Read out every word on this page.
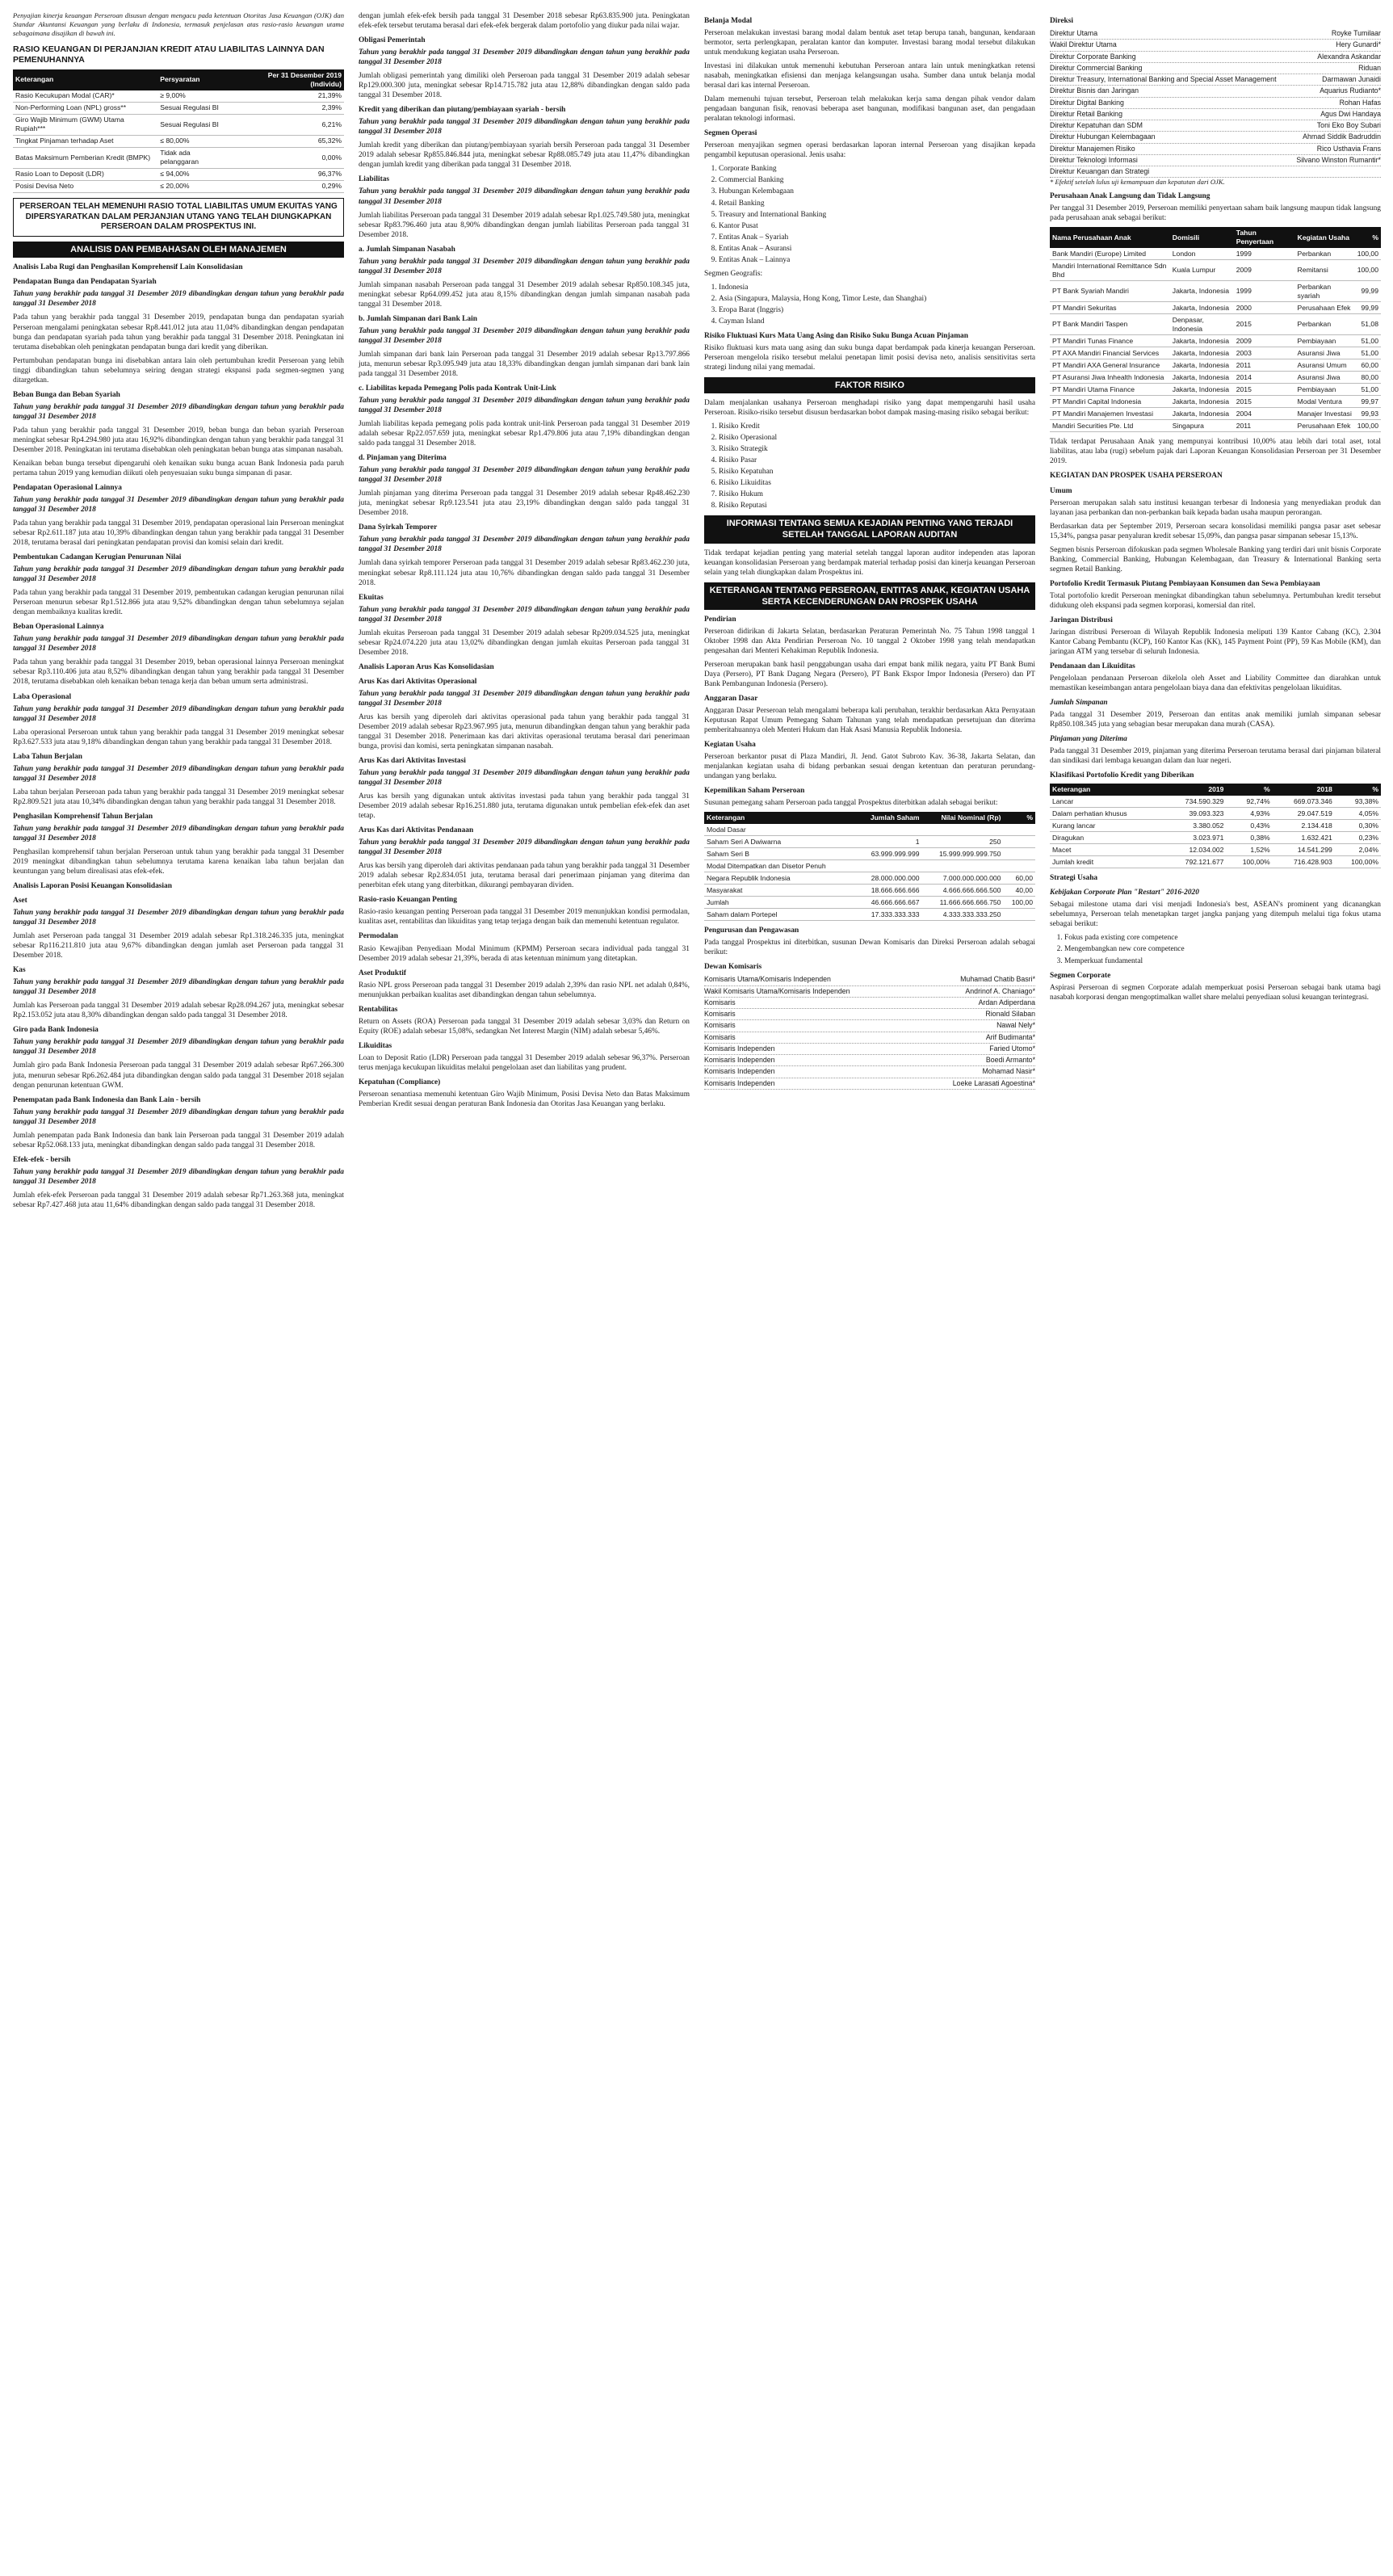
Penyajian kinerja keuangan Perseroan disusun dengan mengacu pada ketentuan Otoritas Jasa Keuangan (OJK) dan Standar Akuntansi Keuangan yang berlaku di Indonesia, termasuk penjelasan atas rasio-rasio keuangan utama sebagaimana disajikan di bawah ini.

RASIO KEUANGAN DI PERJANJIAN KREDIT ATAU LIABILITAS LAINNYA DAN PEMENUHANNYA
Keterangan	Persyaratan	Per 31 Desember 2019 (Individu)
Rasio Kecukupan Modal (CAR)*	≥ 9,00%	21,39%
Non-Performing Loan (NPL) gross**	Sesuai Regulasi BI	2,39%
Giro Wajib Minimum (GWM) Utama Rupiah***	Sesuai Regulasi BI	6,21%
Tingkat Pinjaman terhadap Aset	≤ 80,00%	65,32%
Batas Maksimum Pemberian Kredit (BMPK)	Tidak ada pelanggaran	0,00%
Rasio Loan to Deposit (LDR)	≤ 94,00%	96,37%
Posisi Devisa Neto	≤ 20,00%	0,29%
PERSEROAN TELAH MEMENUHI RASIO TOTAL LIABILITAS UMUM EKUITAS YANG DIPERSYARATKAN DALAM PERJANJIAN UTANG YANG TELAH DIUNGKAPKAN PERSEROAN DALAM PROSPEKTUS INI.
ANALISIS DAN PEMBAHASAN OLEH MANAJEMEN
Analisis Laba Rugi dan Penghasilan Komprehensif Lain Konsolidasian
Pendapatan Bunga dan Pendapatan Syariah

Tahun yang berakhir pada tanggal 31 Desember 2019 dibandingkan dengan tahun yang berakhir pada tanggal 31 Desember 2018

Pada tahun yang berakhir pada tanggal 31 Desember 2019, pendapatan bunga dan pendapatan syariah Perseroan mengalami peningkatan sebesar Rp8.441.012 juta atau 11,04% dibandingkan dengan pendapatan bunga dan pendapatan syariah pada tahun yang berakhir pada tanggal 31 Desember 2018. Peningkatan ini terutama disebabkan oleh peningkatan pendapatan bunga dari kredit yang diberikan.

Pertumbuhan pendapatan bunga ini disebabkan antara lain oleh pertumbuhan kredit Perseroan yang lebih tinggi dibandingkan tahun sebelumnya seiring dengan strategi ekspansi pada segmen-segmen yang ditargetkan.

Beban Bunga dan Beban Syariah

Tahun yang berakhir pada tanggal 31 Desember 2019 dibandingkan dengan tahun yang berakhir pada tanggal 31 Desember 2018

Pada tahun yang berakhir pada tanggal 31 Desember 2019, beban bunga dan beban syariah Perseroan meningkat sebesar Rp4.294.980 juta atau 16,92% dibandingkan dengan tahun yang berakhir pada tanggal 31 Desember 2018. Peningkatan ini terutama disebabkan oleh peningkatan beban bunga atas simpanan nasabah.

Kenaikan beban bunga tersebut dipengaruhi oleh kenaikan suku bunga acuan Bank Indonesia pada paruh pertama tahun 2019 yang kemudian diikuti oleh penyesuaian suku bunga simpanan di pasar.

Pendapatan Operasional Lainnya

Tahun yang berakhir pada tanggal 31 Desember 2019 dibandingkan dengan tahun yang berakhir pada tanggal 31 Desember 2018

Pada tahun yang berakhir pada tanggal 31 Desember 2019, pendapatan operasional lain Perseroan meningkat sebesar Rp2.611.187 juta atau 10,39% dibandingkan dengan tahun yang berakhir pada tanggal 31 Desember 2018, terutama berasal dari peningkatan pendapatan provisi dan komisi selain dari kredit.

Pembentukan Cadangan Kerugian Penurunan Nilai

Tahun yang berakhir pada tanggal 31 Desember 2019 dibandingkan dengan tahun yang berakhir pada tanggal 31 Desember 2018

Pada tahun yang berakhir pada tanggal 31 Desember 2019, pembentukan cadangan kerugian penurunan nilai Perseroan menurun sebesar Rp1.512.866 juta atau 9,52% dibandingkan dengan tahun sebelumnya sejalan dengan membaiknya kualitas kredit.

Beban Operasional Lainnya

Tahun yang berakhir pada tanggal 31 Desember 2019 dibandingkan dengan tahun yang berakhir pada tanggal 31 Desember 2018

Pada tahun yang berakhir pada tanggal 31 Desember 2019, beban operasional lainnya Perseroan meningkat sebesar Rp3.110.406 juta atau 8,52% dibandingkan dengan tahun yang berakhir pada tanggal 31 Desember 2018, terutama disebabkan oleh kenaikan beban tenaga kerja dan beban umum serta administrasi.

Laba Operasional

Tahun yang berakhir pada tanggal 31 Desember 2019 dibandingkan dengan tahun yang berakhir pada tanggal 31 Desember 2018

Laba operasional Perseroan untuk tahun yang berakhir pada tanggal 31 Desember 2019 meningkat sebesar Rp3.627.533 juta atau 9,18% dibandingkan dengan tahun yang berakhir pada tanggal 31 Desember 2018.

Laba Tahun Berjalan

Tahun yang berakhir pada tanggal 31 Desember 2019 dibandingkan dengan tahun yang berakhir pada tanggal 31 Desember 2018

Laba tahun berjalan Perseroan pada tahun yang berakhir pada tanggal 31 Desember 2019 meningkat sebesar Rp2.809.521 juta atau 10,34% dibandingkan dengan tahun yang berakhir pada tanggal 31 Desember 2018.

Penghasilan Komprehensif Tahun Berjalan

Tahun yang berakhir pada tanggal 31 Desember 2019 dibandingkan dengan tahun yang berakhir pada tanggal 31 Desember 2018

Penghasilan komprehensif tahun berjalan Perseroan untuk tahun yang berakhir pada tanggal 31 Desember 2019 meningkat dibandingkan tahun sebelumnya terutama karena kenaikan laba tahun berjalan dan keuntungan yang belum direalisasi atas efek-efek.

Analisis Laporan Posisi Keuangan Konsolidasian
Aset

Tahun yang berakhir pada tanggal 31 Desember 2019 dibandingkan dengan tahun yang berakhir pada tanggal 31 Desember 2018

Jumlah aset Perseroan pada tanggal 31 Desember 2019 adalah sebesar Rp1.318.246.335 juta, meningkat sebesar Rp116.211.810 juta atau 9,67% dibandingkan dengan jumlah aset Perseroan pada tanggal 31 Desember 2018.

Kas

Tahun yang berakhir pada tanggal 31 Desember 2019 dibandingkan dengan tahun yang berakhir pada tanggal 31 Desember 2018

Jumlah kas Perseroan pada tanggal 31 Desember 2019 adalah sebesar Rp28.094.267 juta, meningkat sebesar Rp2.153.052 juta atau 8,30% dibandingkan dengan saldo pada tanggal 31 Desember 2018.

Giro pada Bank Indonesia

Tahun yang berakhir pada tanggal 31 Desember 2019 dibandingkan dengan tahun yang berakhir pada tanggal 31 Desember 2018

Jumlah giro pada Bank Indonesia Perseroan pada tanggal 31 Desember 2019 adalah sebesar Rp67.266.300 juta, menurun sebesar Rp6.262.484 juta dibandingkan dengan saldo pada tanggal 31 Desember 2018 sejalan dengan penurunan ketentuan GWM.

Penempatan pada Bank Indonesia dan Bank Lain - bersih

Tahun yang berakhir pada tanggal 31 Desember 2019 dibandingkan dengan tahun yang berakhir pada tanggal 31 Desember 2018

Jumlah penempatan pada Bank Indonesia dan bank lain Perseroan pada tanggal 31 Desember 2019 adalah sebesar Rp52.068.133 juta, meningkat dibandingkan dengan saldo pada tanggal 31 Desember 2018.

Efek-efek - bersih

Tahun yang berakhir pada tanggal 31 Desember 2019 dibandingkan dengan tahun yang berakhir pada tanggal 31 Desember 2018

Jumlah efek-efek Perseroan pada tanggal 31 Desember 2019 adalah sebesar Rp71.263.368 juta, meningkat sebesar Rp7.427.468 juta atau 11,64% dibandingkan dengan saldo pada tanggal 31 Desember 2018.

dengan jumlah efek-efek bersih pada tanggal 31 Desember 2018 sebesar Rp63.835.900 juta. Peningkatan efek-efek tersebut terutama berasal dari efek-efek bergerak dalam portofolio yang diukur pada nilai wajar.

Obligasi Pemerintah

Tahun yang berakhir pada tanggal 31 Desember 2019 dibandingkan dengan tahun yang berakhir pada tanggal 31 Desember 2018

Jumlah obligasi pemerintah yang dimiliki oleh Perseroan pada tanggal 31 Desember 2019 adalah sebesar Rp129.000.300 juta, meningkat sebesar Rp14.715.782 juta atau 12,88% dibandingkan dengan saldo pada tanggal 31 Desember 2018.

Kredit yang diberikan dan piutang/pembiayaan syariah - bersih

Tahun yang berakhir pada tanggal 31 Desember 2019 dibandingkan dengan tahun yang berakhir pada tanggal 31 Desember 2018

Jumlah kredit yang diberikan dan piutang/pembiayaan syariah bersih Perseroan pada tanggal 31 Desember 2019 adalah sebesar Rp855.846.844 juta, meningkat sebesar Rp88.085.749 juta atau 11,47% dibandingkan dengan jumlah kredit yang diberikan pada tanggal 31 Desember 2018.

Liabilitas

Tahun yang berakhir pada tanggal 31 Desember 2019 dibandingkan dengan tahun yang berakhir pada tanggal 31 Desember 2018

Jumlah liabilitas Perseroan pada tanggal 31 Desember 2019 adalah sebesar Rp1.025.749.580 juta, meningkat sebesar Rp83.796.460 juta atau 8,90% dibandingkan dengan jumlah liabilitas Perseroan pada tanggal 31 Desember 2018.

a. Jumlah Simpanan Nasabah

Tahun yang berakhir pada tanggal 31 Desember 2019 dibandingkan dengan tahun yang berakhir pada tanggal 31 Desember 2018

Jumlah simpanan nasabah Perseroan pada tanggal 31 Desember 2019 adalah sebesar Rp850.108.345 juta, meningkat sebesar Rp64.099.452 juta atau 8,15% dibandingkan dengan jumlah simpanan nasabah pada tanggal 31 Desember 2018.

b. Jumlah Simpanan dari Bank Lain

Tahun yang berakhir pada tanggal 31 Desember 2019 dibandingkan dengan tahun yang berakhir pada tanggal 31 Desember 2018

Jumlah simpanan dari bank lain Perseroan pada tanggal 31 Desember 2019 adalah sebesar Rp13.797.866 juta, menurun sebesar Rp3.095.949 juta atau 18,33% dibandingkan dengan jumlah simpanan dari bank lain pada tanggal 31 Desember 2018.

c. Liabilitas kepada Pemegang Polis pada Kontrak Unit-Link

Tahun yang berakhir pada tanggal 31 Desember 2019 dibandingkan dengan tahun yang berakhir pada tanggal 31 Desember 2018

Jumlah liabilitas kepada pemegang polis pada kontrak unit-link Perseroan pada tanggal 31 Desember 2019 adalah sebesar Rp22.057.659 juta, meningkat sebesar Rp1.479.806 juta atau 7,19% dibandingkan dengan saldo pada tanggal 31 Desember 2018.

d. Pinjaman yang Diterima

Tahun yang berakhir pada tanggal 31 Desember 2019 dibandingkan dengan tahun yang berakhir pada tanggal 31 Desember 2018

Jumlah pinjaman yang diterima Perseroan pada tanggal 31 Desember 2019 adalah sebesar Rp48.462.230 juta, meningkat sebesar Rp9.123.541 juta atau 23,19% dibandingkan dengan saldo pada tanggal 31 Desember 2018.

Dana Syirkah Temporer

Tahun yang berakhir pada tanggal 31 Desember 2019 dibandingkan dengan tahun yang berakhir pada tanggal 31 Desember 2018

Jumlah dana syirkah temporer Perseroan pada tanggal 31 Desember 2019 adalah sebesar Rp83.462.230 juta, meningkat sebesar Rp8.111.124 juta atau 10,76% dibandingkan dengan saldo pada tanggal 31 Desember 2018.

Ekuitas

Tahun yang berakhir pada tanggal 31 Desember 2019 dibandingkan dengan tahun yang berakhir pada tanggal 31 Desember 2018

Jumlah ekuitas Perseroan pada tanggal 31 Desember 2019 adalah sebesar Rp209.034.525 juta, meningkat sebesar Rp24.074.220 juta atau 13,02% dibandingkan dengan jumlah ekuitas Perseroan pada tanggal 31 Desember 2018.

Analisis Laporan Arus Kas Konsolidasian
Arus Kas dari Aktivitas Operasional

Tahun yang berakhir pada tanggal 31 Desember 2019 dibandingkan dengan tahun yang berakhir pada tanggal 31 Desember 2018

Arus kas bersih yang diperoleh dari aktivitas operasional pada tahun yang berakhir pada tanggal 31 Desember 2019 adalah sebesar Rp23.967.995 juta, menurun dibandingkan dengan tahun yang berakhir pada tanggal 31 Desember 2018. Penerimaan kas dari aktivitas operasional terutama berasal dari penerimaan bunga, provisi dan komisi, serta peningkatan simpanan nasabah.

Arus Kas dari Aktivitas Investasi

Tahun yang berakhir pada tanggal 31 Desember 2019 dibandingkan dengan tahun yang berakhir pada tanggal 31 Desember 2018

Arus kas bersih yang digunakan untuk aktivitas investasi pada tahun yang berakhir pada tanggal 31 Desember 2019 adalah sebesar Rp16.251.880 juta, terutama digunakan untuk pembelian efek-efek dan aset tetap.

Arus Kas dari Aktivitas Pendanaan

Tahun yang berakhir pada tanggal 31 Desember 2019 dibandingkan dengan tahun yang berakhir pada tanggal 31 Desember 2018

Arus kas bersih yang diperoleh dari aktivitas pendanaan pada tahun yang berakhir pada tanggal 31 Desember 2019 adalah sebesar Rp2.834.051 juta, terutama berasal dari penerimaan pinjaman yang diterima dan penerbitan efek utang yang diterbitkan, dikurangi pembayaran dividen.

Rasio-rasio Keuangan Penting

Rasio-rasio keuangan penting Perseroan pada tanggal 31 Desember 2019 menunjukkan kondisi permodalan, kualitas aset, rentabilitas dan likuiditas yang tetap terjaga dengan baik dan memenuhi ketentuan regulator.

Permodalan

Rasio Kewajiban Penyediaan Modal Minimum (KPMM) Perseroan secara individual pada tanggal 31 Desember 2019 adalah sebesar 21,39%, berada di atas ketentuan minimum yang ditetapkan.

Aset Produktif

Rasio NPL gross Perseroan pada tanggal 31 Desember 2019 adalah 2,39% dan rasio NPL net adalah 0,84%, menunjukkan perbaikan kualitas aset dibandingkan dengan tahun sebelumnya.

Rentabilitas

Return on Assets (ROA) Perseroan pada tanggal 31 Desember 2019 adalah sebesar 3,03% dan Return on Equity (ROE) adalah sebesar 15,08%, sedangkan Net Interest Margin (NIM) adalah sebesar 5,46%.

Likuiditas

Loan to Deposit Ratio (LDR) Perseroan pada tanggal 31 Desember 2019 adalah sebesar 96,37%. Perseroan terus menjaga kecukupan likuiditas melalui pengelolaan aset dan liabilitas yang prudent.

Kepatuhan (Compliance)

Perseroan senantiasa memenuhi ketentuan Giro Wajib Minimum, Posisi Devisa Neto dan Batas Maksimum Pemberian Kredit sesuai dengan peraturan Bank Indonesia dan Otoritas Jasa Keuangan yang berlaku.

Belanja Modal

Perseroan melakukan investasi barang modal dalam bentuk aset tetap berupa tanah, bangunan, kendaraan bermotor, serta perlengkapan, peralatan kantor dan komputer. Investasi barang modal tersebut dilakukan untuk mendukung kegiatan usaha Perseroan.

Investasi ini dilakukan untuk memenuhi kebutuhan Perseroan antara lain untuk meningkatkan retensi nasabah, meningkatkan efisiensi dan menjaga kelangsungan usaha. Sumber dana untuk belanja modal berasal dari kas internal Perseroan.

Dalam memenuhi tujuan tersebut, Perseroan telah melakukan kerja sama dengan pihak vendor dalam pengadaan bangunan fisik, renovasi beberapa aset bangunan, modifikasi bangunan aset, dan pengadaan peralatan teknologi informasi.

Segmen Operasi

Perseroan menyajikan segmen operasi berdasarkan laporan internal Perseroan yang disajikan kepada pengambil keputusan operasional. Jenis usaha:

1. Corporate Banking
2. Commercial Banking
3. Hubungan Kelembagaan
4. Retail Banking
5. Treasury and International Banking
6. Kantor Pusat
7. Entitas Anak – Syariah
8. Entitas Anak – Asuransi
9. Entitas Anak – Lainnya

Segmen Geografis:

1. Indonesia
2. Asia (Singapura, Malaysia, Hong Kong, Timor Leste, dan Shanghai)
3. Eropa Barat (Inggris)
4. Cayman Island
Risiko Fluktuasi Kurs Mata Uang Asing dan Risiko Suku Bunga Acuan Pinjaman

Risiko fluktuasi kurs mata uang asing dan suku bunga dapat berdampak pada kinerja keuangan Perseroan. Perseroan mengelola risiko tersebut melalui penetapan limit posisi devisa neto, analisis sensitivitas serta strategi lindung nilai yang memadai.

FAKTOR RISIKO

Dalam menjalankan usahanya Perseroan menghadapi risiko yang dapat mempengaruhi hasil usaha Perseroan. Risiko-risiko tersebut disusun berdasarkan bobot dampak masing-masing risiko sebagai berikut:

1. Risiko Kredit
2. Risiko Operasional
3. Risiko Strategik
4. Risiko Pasar
5. Risiko Kepatuhan
6. Risiko Likuiditas
7. Risiko Hukum
8. Risiko Reputasi
INFORMASI TENTANG SEMUA KEJADIAN PENTING YANG TERJADI SETELAH TANGGAL LAPORAN AUDITAN

Tidak terdapat kejadian penting yang material setelah tanggal laporan auditor independen atas laporan keuangan konsolidasian Perseroan yang berdampak material terhadap posisi dan kinerja keuangan Perseroan selain yang telah diungkapkan dalam Prospektus ini.

KETERANGAN TENTANG PERSEROAN, ENTITAS ANAK, KEGIATAN USAHA SERTA KECENDERUNGAN DAN PROSPEK USAHA
Pendirian

Perseroan didirikan di Jakarta Selatan, berdasarkan Peraturan Pemerintah No. 75 Tahun 1998 tanggal 1 Oktober 1998 dan Akta Pendirian Perseroan No. 10 tanggal 2 Oktober 1998 yang telah mendapatkan pengesahan dari Menteri Kehakiman Republik Indonesia.

Perseroan merupakan bank hasil penggabungan usaha dari empat bank milik negara, yaitu PT Bank Bumi Daya (Persero), PT Bank Dagang Negara (Persero), PT Bank Ekspor Impor Indonesia (Persero) dan PT Bank Pembangunan Indonesia (Persero).

Anggaran Dasar

Anggaran Dasar Perseroan telah mengalami beberapa kali perubahan, terakhir berdasarkan Akta Pernyataan Keputusan Rapat Umum Pemegang Saham Tahunan yang telah mendapatkan persetujuan dan diterima pemberitahuannya oleh Menteri Hukum dan Hak Asasi Manusia Republik Indonesia.

Kegiatan Usaha

Perseroan berkantor pusat di Plaza Mandiri, Jl. Jend. Gatot Subroto Kav. 36-38, Jakarta Selatan, dan menjalankan kegiatan usaha di bidang perbankan sesuai dengan ketentuan dan peraturan perundang-undangan yang berlaku.

Kepemilikan Saham Perseroan

Susunan pemegang saham Perseroan pada tanggal Prospektus diterbitkan adalah sebagai berikut:

Keterangan	Jumlah Saham	Nilai Nominal (Rp)	%
Modal Dasar			
Saham Seri A Dwiwarna	1	250	
Saham Seri B	63.999.999.999	15.999.999.999.750	
Modal Ditempatkan dan Disetor Penuh			
Negara Republik Indonesia	28.000.000.000	7.000.000.000.000	60,00
Masyarakat	18.666.666.666	4.666.666.666.500	40,00
Jumlah	46.666.666.667	11.666.666.666.750	100,00
Saham dalam Portepel	17.333.333.333	4.333.333.333.250	
Pengurusan dan Pengawasan

Pada tanggal Prospektus ini diterbitkan, susunan Dewan Komisaris dan Direksi Perseroan adalah sebagai berikut:

Dewan Komisaris
Komisaris Utama/Komisaris Independen	Muhamad Chatib Basri*
Wakil Komisaris Utama/Komisaris Independen	Andrinof A. Chaniago*
Komisaris	Ardan Adiperdana
Komisaris	Rionald Silaban
Komisaris	Nawal Nely*
Komisaris	Arif Budimanta*
Komisaris Independen	Faried Utomo*
Komisaris Independen	Boedi Armanto*
Komisaris Independen	Mohamad Nasir*
Komisaris Independen	Loeke Larasati Agoestina*
Direksi
Direktur Utama	Royke Tumilaar
Wakil Direktur Utama	Hery Gunardi*
Direktur Corporate Banking	Alexandra Askandar
Direktur Commercial Banking	Riduan
Direktur Treasury, International Banking and Special Asset Management	Darmawan Junaidi
Direktur Bisnis dan Jaringan	Aquarius Rudianto*
Direktur Digital Banking	Rohan Hafas
Direktur Retail Banking	Agus Dwi Handaya
Direktur Kepatuhan dan SDM	Toni Eko Boy Subari
Direktur Hubungan Kelembagaan	Ahmad Siddik Badruddin
Direktur Manajemen Risiko	Rico Usthavia Frans
Direktur Teknologi Informasi	Silvano Winston Rumantir*
Direktur Keuangan dan Strategi

* Efektif setelah lulus uji kemampuan dan kepatutan dari OJK.

Perusahaan Anak Langsung dan Tidak Langsung

Per tanggal 31 Desember 2019, Perseroan memiliki penyertaan saham baik langsung maupun tidak langsung pada perusahaan anak sebagai berikut:

Nama Perusahaan Anak	Domisili	Tahun Penyertaan	Kegiatan Usaha	%
Bank Mandiri (Europe) Limited	London	1999	Perbankan	100,00
Mandiri International Remittance Sdn Bhd	Kuala Lumpur	2009	Remitansi	100,00
PT Bank Syariah Mandiri	Jakarta, Indonesia	1999	Perbankan syariah	99,99
PT Mandiri Sekuritas	Jakarta, Indonesia	2000	Perusahaan Efek	99,99
PT Bank Mandiri Taspen	Denpasar, Indonesia	2015	Perbankan	51,08
PT Mandiri Tunas Finance	Jakarta, Indonesia	2009	Pembiayaan	51,00
PT AXA Mandiri Financial Services	Jakarta, Indonesia	2003	Asuransi Jiwa	51,00
PT Mandiri AXA General Insurance	Jakarta, Indonesia	2011	Asuransi Umum	60,00
PT Asuransi Jiwa Inhealth Indonesia	Jakarta, Indonesia	2014	Asuransi Jiwa	80,00
PT Mandiri Utama Finance	Jakarta, Indonesia	2015	Pembiayaan	51,00
PT Mandiri Capital Indonesia	Jakarta, Indonesia	2015	Modal Ventura	99,97
PT Mandiri Manajemen Investasi	Jakarta, Indonesia	2004	Manajer Investasi	99,93
Mandiri Securities Pte. Ltd	Singapura	2011	Perusahaan Efek	100,00

Tidak terdapat Perusahaan Anak yang mempunyai kontribusi 10,00% atau lebih dari total aset, total liabilitas, atau laba (rugi) sebelum pajak dari Laporan Keuangan Konsolidasian Perseroan per 31 Desember 2019.

KEGIATAN DAN PROSPEK USAHA PERSEROAN
Umum

Perseroan merupakan salah satu institusi keuangan terbesar di Indonesia yang menyediakan produk dan layanan jasa perbankan dan non-perbankan baik kepada badan usaha maupun perorangan.

Berdasarkan data per September 2019, Perseroan secara konsolidasi memiliki pangsa pasar aset sebesar 15,34%, pangsa pasar penyaluran kredit sebesar 15,09%, dan pangsa pasar simpanan sebesar 15,13%.

Segmen bisnis Perseroan difokuskan pada segmen Wholesale Banking yang terdiri dari unit bisnis Corporate Banking, Commercial Banking, Hubungan Kelembagaan, dan Treasury & International Banking serta segmen Retail Banking.

Portofolio Kredit Termasuk Piutang Pembiayaan Konsumen dan Sewa Pembiayaan

Total portofolio kredit Perseroan meningkat dibandingkan tahun sebelumnya. Pertumbuhan kredit tersebut didukung oleh ekspansi pada segmen korporasi, komersial dan ritel.

Jaringan Distribusi

Jaringan distribusi Perseroan di Wilayah Republik Indonesia meliputi 139 Kantor Cabang (KC), 2.304 Kantor Cabang Pembantu (KCP), 160 Kantor Kas (KK), 145 Payment Point (PP), 59 Kas Mobile (KM), dan jaringan ATM yang tersebar di seluruh Indonesia.

Pendanaan dan Likuiditas

Pengelolaan pendanaan Perseroan dikelola oleh Asset and Liability Committee dan diarahkan untuk memastikan keseimbangan antara pengelolaan biaya dana dan efektivitas pengelolaan likuiditas.

Jumlah Simpanan

Pada tanggal 31 Desember 2019, Perseroan dan entitas anak memiliki jumlah simpanan sebesar Rp850.108.345 juta yang sebagian besar merupakan dana murah (CASA).

Pinjaman yang Diterima

Pada tanggal 31 Desember 2019, pinjaman yang diterima Perseroan terutama berasal dari pinjaman bilateral dan sindikasi dari lembaga keuangan dalam dan luar negeri.

Klasifikasi Portofolio Kredit yang Diberikan
Keterangan	2019	%	2018	%
Lancar	734.590.329	92,74%	669.073.346	93,38%
Dalam perhatian khusus	39.093.323	4,93%	29.047.519	4,05%
Kurang lancar	3.380.052	0,43%	2.134.418	0,30%
Diragukan	3.023.971	0,38%	1.632.421	0,23%
Macet	12.034.002	1,52%	14.541.299	2,04%
Jumlah kredit	792.121.677	100,00%	716.428.903	100,00%
Strategi Usaha
Kebijakan Corporate Plan "Restart" 2016-2020

Sebagai milestone utama dari visi menjadi Indonesia's best, ASEAN's prominent yang dicanangkan sebelumnya, Perseroan telah menetapkan target jangka panjang yang ditempuh melalui tiga fokus utama sebagai berikut:

1. Fokus pada existing core competence
2. Mengembangkan new core competence
3. Memperkuat fundamental
Segmen Corporate

Aspirasi Perseroan di segmen Corporate adalah memperkuat posisi Perseroan sebagai bank utama bagi nasabah korporasi dengan mengoptimalkan wallet share melalui penyediaan solusi keuangan terintegrasi.
